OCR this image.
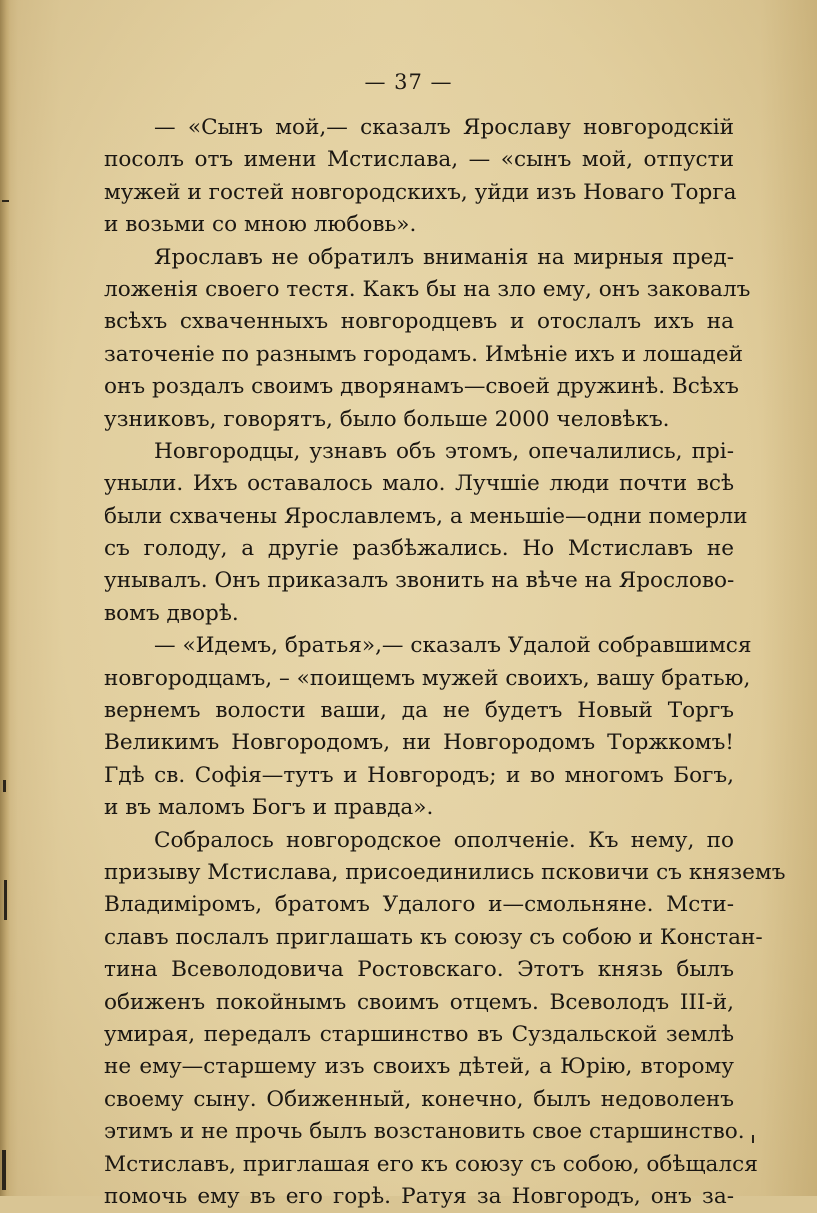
— 37 —
— «Сынъ мой,— сказалъ Ярославу новгородскій
посолъ отъ имени Мстислава, — «сынъ мой, отпусти
мужей и гостей новгородскихъ, уйди изъ Новаго Торга
и возьми со мною любовь».
Ярославъ не обратилъ вниманія на мирныя пред-
ложенія своего тестя. Какъ бы на зло ему, онъ заковалъ
всѣхъ схваченныхъ новгородцевъ и отослалъ ихъ на
заточеніе по разнымъ городамъ. Имѣніе ихъ и лошадей
онъ роздалъ своимъ дворянамъ—своей дружинѣ. Всѣхъ
узниковъ, говорятъ, было больше 2000 человѣкъ.
Новгородцы, узнавъ объ этомъ, опечалились, прі-
уныли. Ихъ оставалось мало. Лучшіе люди почти всѣ
были схвачены Ярославлемъ, а меньшіе—одни померли
съ голоду, а другіе разбѣжались. Но Мстиславъ не
унывалъ. Онъ приказалъ звонить на вѣче на Ярослово-
вомъ дворѣ.
— «Идемъ, братья»,— сказалъ Удалой собравшимся
новгородцамъ, – «поищемъ мужей своихъ, вашу братью,
вернемъ волости ваши, да не будетъ Новый Торгъ
Великимъ Новгородомъ, ни Новгородомъ Торжкомъ!
Гдѣ св. Софія—тутъ и Новгородъ; и во многомъ Богъ,
и въ маломъ Богъ и правда».
Собралось новгородское ополченіе. Къ нему, по
призыву Мстислава, присоединились псковичи съ княземъ
Владиміромъ, братомъ Удалого и—смольняне. Мсти-
славъ послалъ приглашать къ союзу съ собою и Констан-
тина Всеволодовича Ростовскаго. Этотъ князь былъ
обиженъ покойнымъ своимъ отцемъ. Всеволодъ III-й,
умирая, передалъ старшинство въ Суздальской землѣ
не ему—старшему изъ своихъ дѣтей, а Юрію, второму
своему сыну. Обиженный, конечно, былъ недоволенъ
этимъ и не прочь былъ возстановить свое старшинство.
Мстиславъ, приглашая его къ союзу съ собою, обѣщался
помочь ему въ его горѣ. Ратуя за Новгородъ, онъ за-
